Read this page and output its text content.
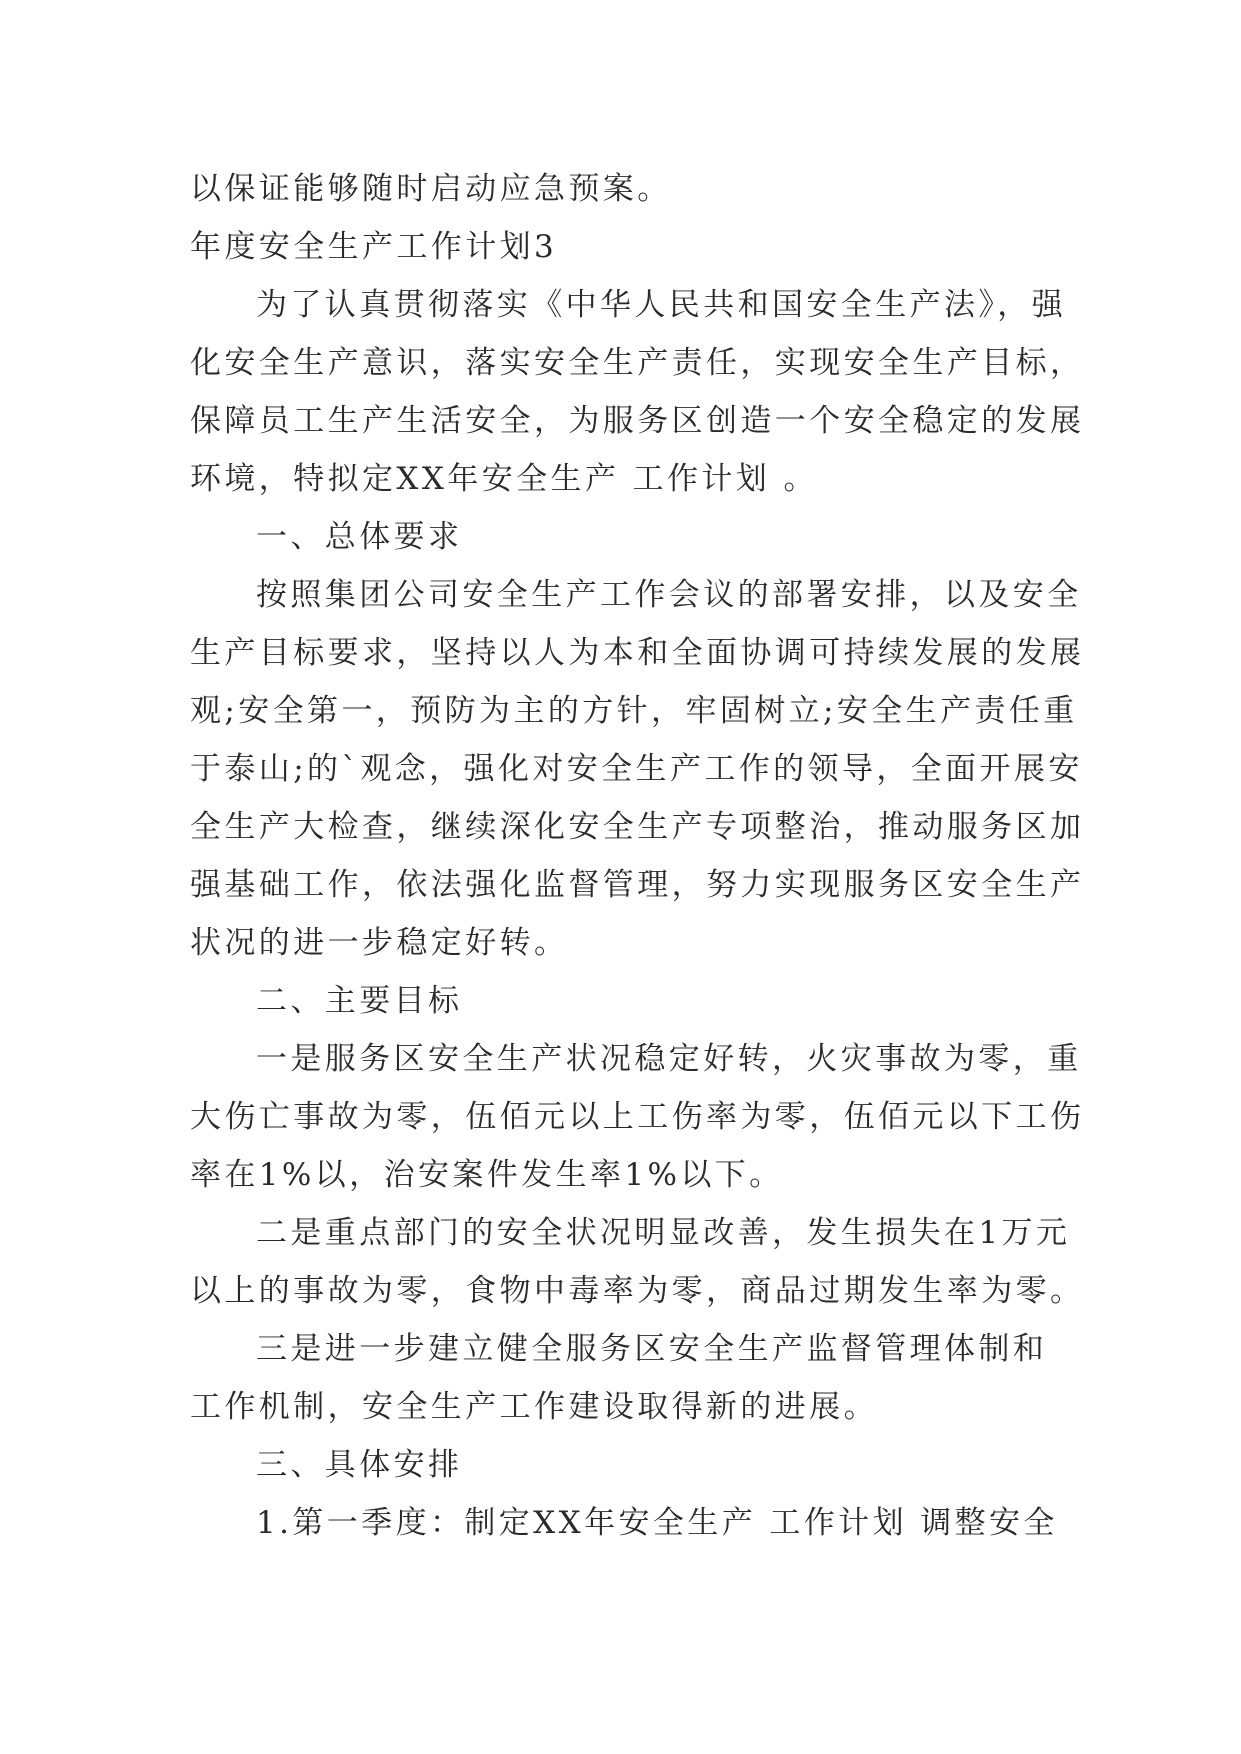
以保证能够随时启动应急预案。
年度安全生产工作计划3
为了认真贯彻落实《中华人民共和国安全生产法》，强
化安全生产意识，落实安全生产责任，实现安全生产目标，
保障员工生产生活安全，为服务区创造一个安全稳定的发展
环境，特拟定XX年安全生产 工作计划 。
一、总体要求
按照集团公司安全生产工作会议的部署安排，以及安全
生产目标要求，坚持以人为本和全面协调可持续发展的发展
观;安全第一，预防为主的方针，牢固树立;安全生产责任重
于泰山;的`观念，强化对安全生产工作的领导，全面开展安
全生产大检查，继续深化安全生产专项整治，推动服务区加
强基础工作，依法强化监督管理，努力实现服务区安全生产
状况的进一步稳定好转。
二、主要目标
一是服务区安全生产状况稳定好转，火灾事故为零，重
大伤亡事故为零，伍佰元以上工伤率为零，伍佰元以下工伤
率在1%以，治安案件发生率1%以下。
二是重点部门的安全状况明显改善，发生损失在1万元
以上的事故为零，食物中毒率为零，商品过期发生率为零。
三是进一步建立健全服务区安全生产监督管理体制和
工作机制，安全生产工作建设取得新的进展。
三、具体安排
1.第一季度：制定XX年安全生产 工作计划 调整安全
